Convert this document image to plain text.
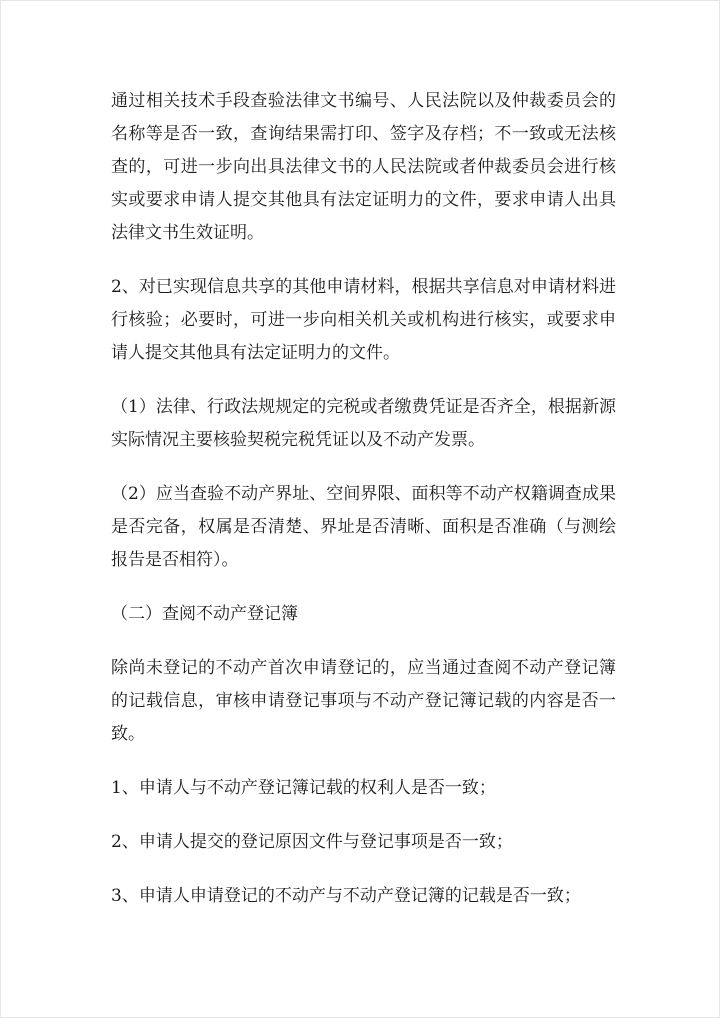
通过相关技术手段查验法律文书编号、人民法院以及仲裁委员会的名称等是否一致，查询结果需打印、签字及存档；不一致或无法核查的，可进一步向出具法律文书的人民法院或者仲裁委员会进行核实或要求申请人提交其他具有法定证明力的文件，要求申请人出具法律文书生效证明。

2、对已实现信息共享的其他申请材料，根据共享信息对申请材料进行核验；必要时，可进一步向相关机关或机构进行核实，或要求申请人提交其他具有法定证明力的文件。

（1）法律、行政法规规定的完税或者缴费凭证是否齐全，根据新源实际情况主要核验契税完税凭证以及不动产发票。

（2）应当查验不动产界址、空间界限、面积等不动产权籍调查成果是否完备，权属是否清楚、界址是否清晰、面积是否准确（与测绘报告是否相符）。

（二）查阅不动产登记簿

除尚未登记的不动产首次申请登记的，应当通过查阅不动产登记簿的记载信息，审核申请登记事项与不动产登记簿记载的内容是否一致。

1、申请人与不动产登记簿记载的权利人是否一致；

2、申请人提交的登记原因文件与登记事项是否一致；

3、申请人申请登记的不动产与不动产登记簿的记载是否一致；
